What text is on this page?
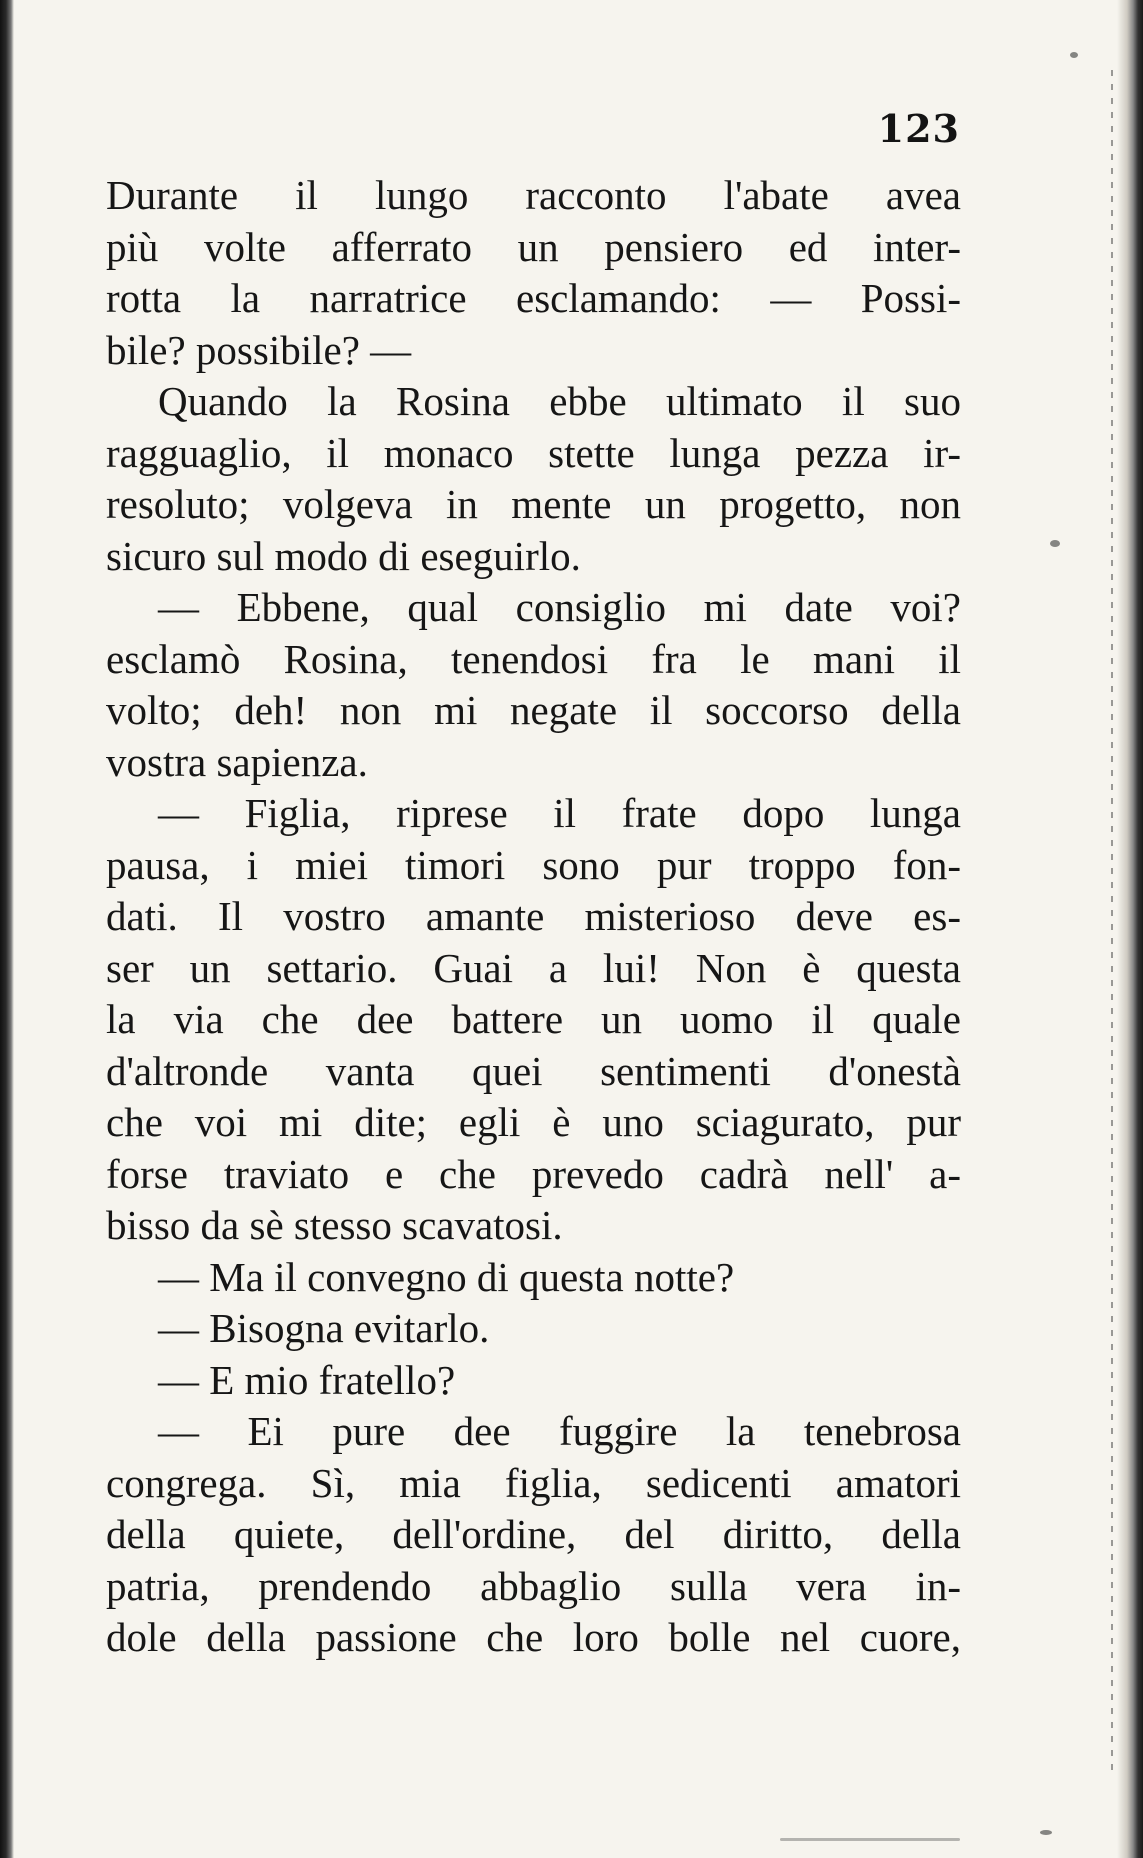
123
Durante il lungo racconto l'abate avea
più volte afferrato un pensiero ed inter-
rotta la narratrice esclamando: — Possi-
bile? possibile? —
Quando la Rosina ebbe ultimato il suo
ragguaglio, il monaco stette lunga pezza ir-
resoluto; volgeva in mente un progetto, non
sicuro sul modo di eseguirlo.
— Ebbene, qual consiglio mi date voi?
esclamò Rosina, tenendosi fra le mani il
volto; deh! non mi negate il soccorso della
vostra sapienza.
— Figlia, riprese il frate dopo lunga
pausa, i miei timori sono pur troppo fon-
dati. Il vostro amante misterioso deve es-
ser un settario. Guai a lui! Non è questa
la via che dee battere un uomo il quale
d'altronde vanta quei sentimenti d'onestà
che voi mi dite; egli è uno sciagurato, pur
forse traviato e che prevedo cadrà nell' a-
bisso da sè stesso scavatosi.
— Ma il convegno di questa notte?
— Bisogna evitarlo.
— E mio fratello?
— Ei pure dee fuggire la tenebrosa
congrega. Sì, mia figlia, sedicenti amatori
della quiete, dell'ordine, del diritto, della
patria, prendendo abbaglio sulla vera in-
dole della passione che loro bolle nel cuore,
